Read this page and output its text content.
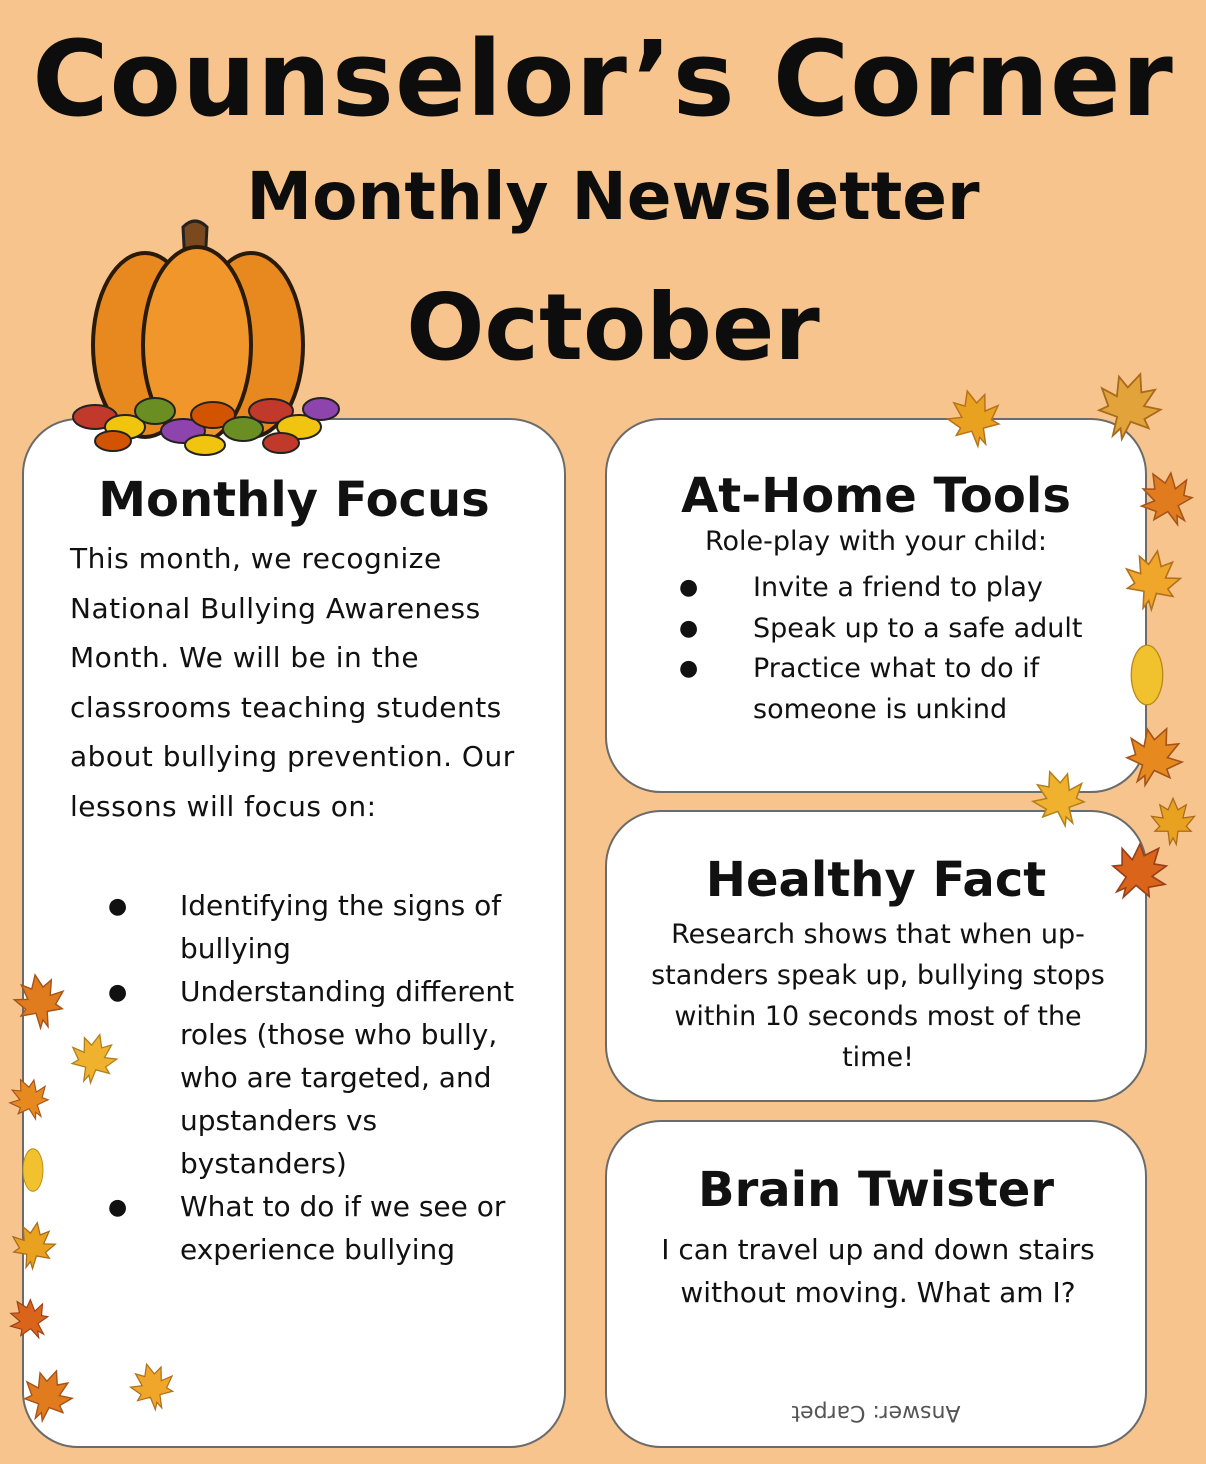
Counselor’s Corner
Monthly Newsletter
October
Monthly Focus
This month, we recognize National Bullying Awareness Month. We will be in the classrooms teaching students about bullying prevention. Our lessons will focus on:
● Identifying the signs of bullying
● Understanding different roles (those who bully, who are targeted, and upstanders vs bystanders)
● What to do if we see or experience bullying
At-Home Tools
Role-play with your child:
● Invite a friend to play
● Speak up to a safe adult
● Practice what to do if someone is unkind
Healthy Fact
Research shows that when up-standers speak up, bullying stops within 10 seconds most of the time!
Brain Twister
I can travel up and down stairs without moving. What am I?
Answer: Carpet
